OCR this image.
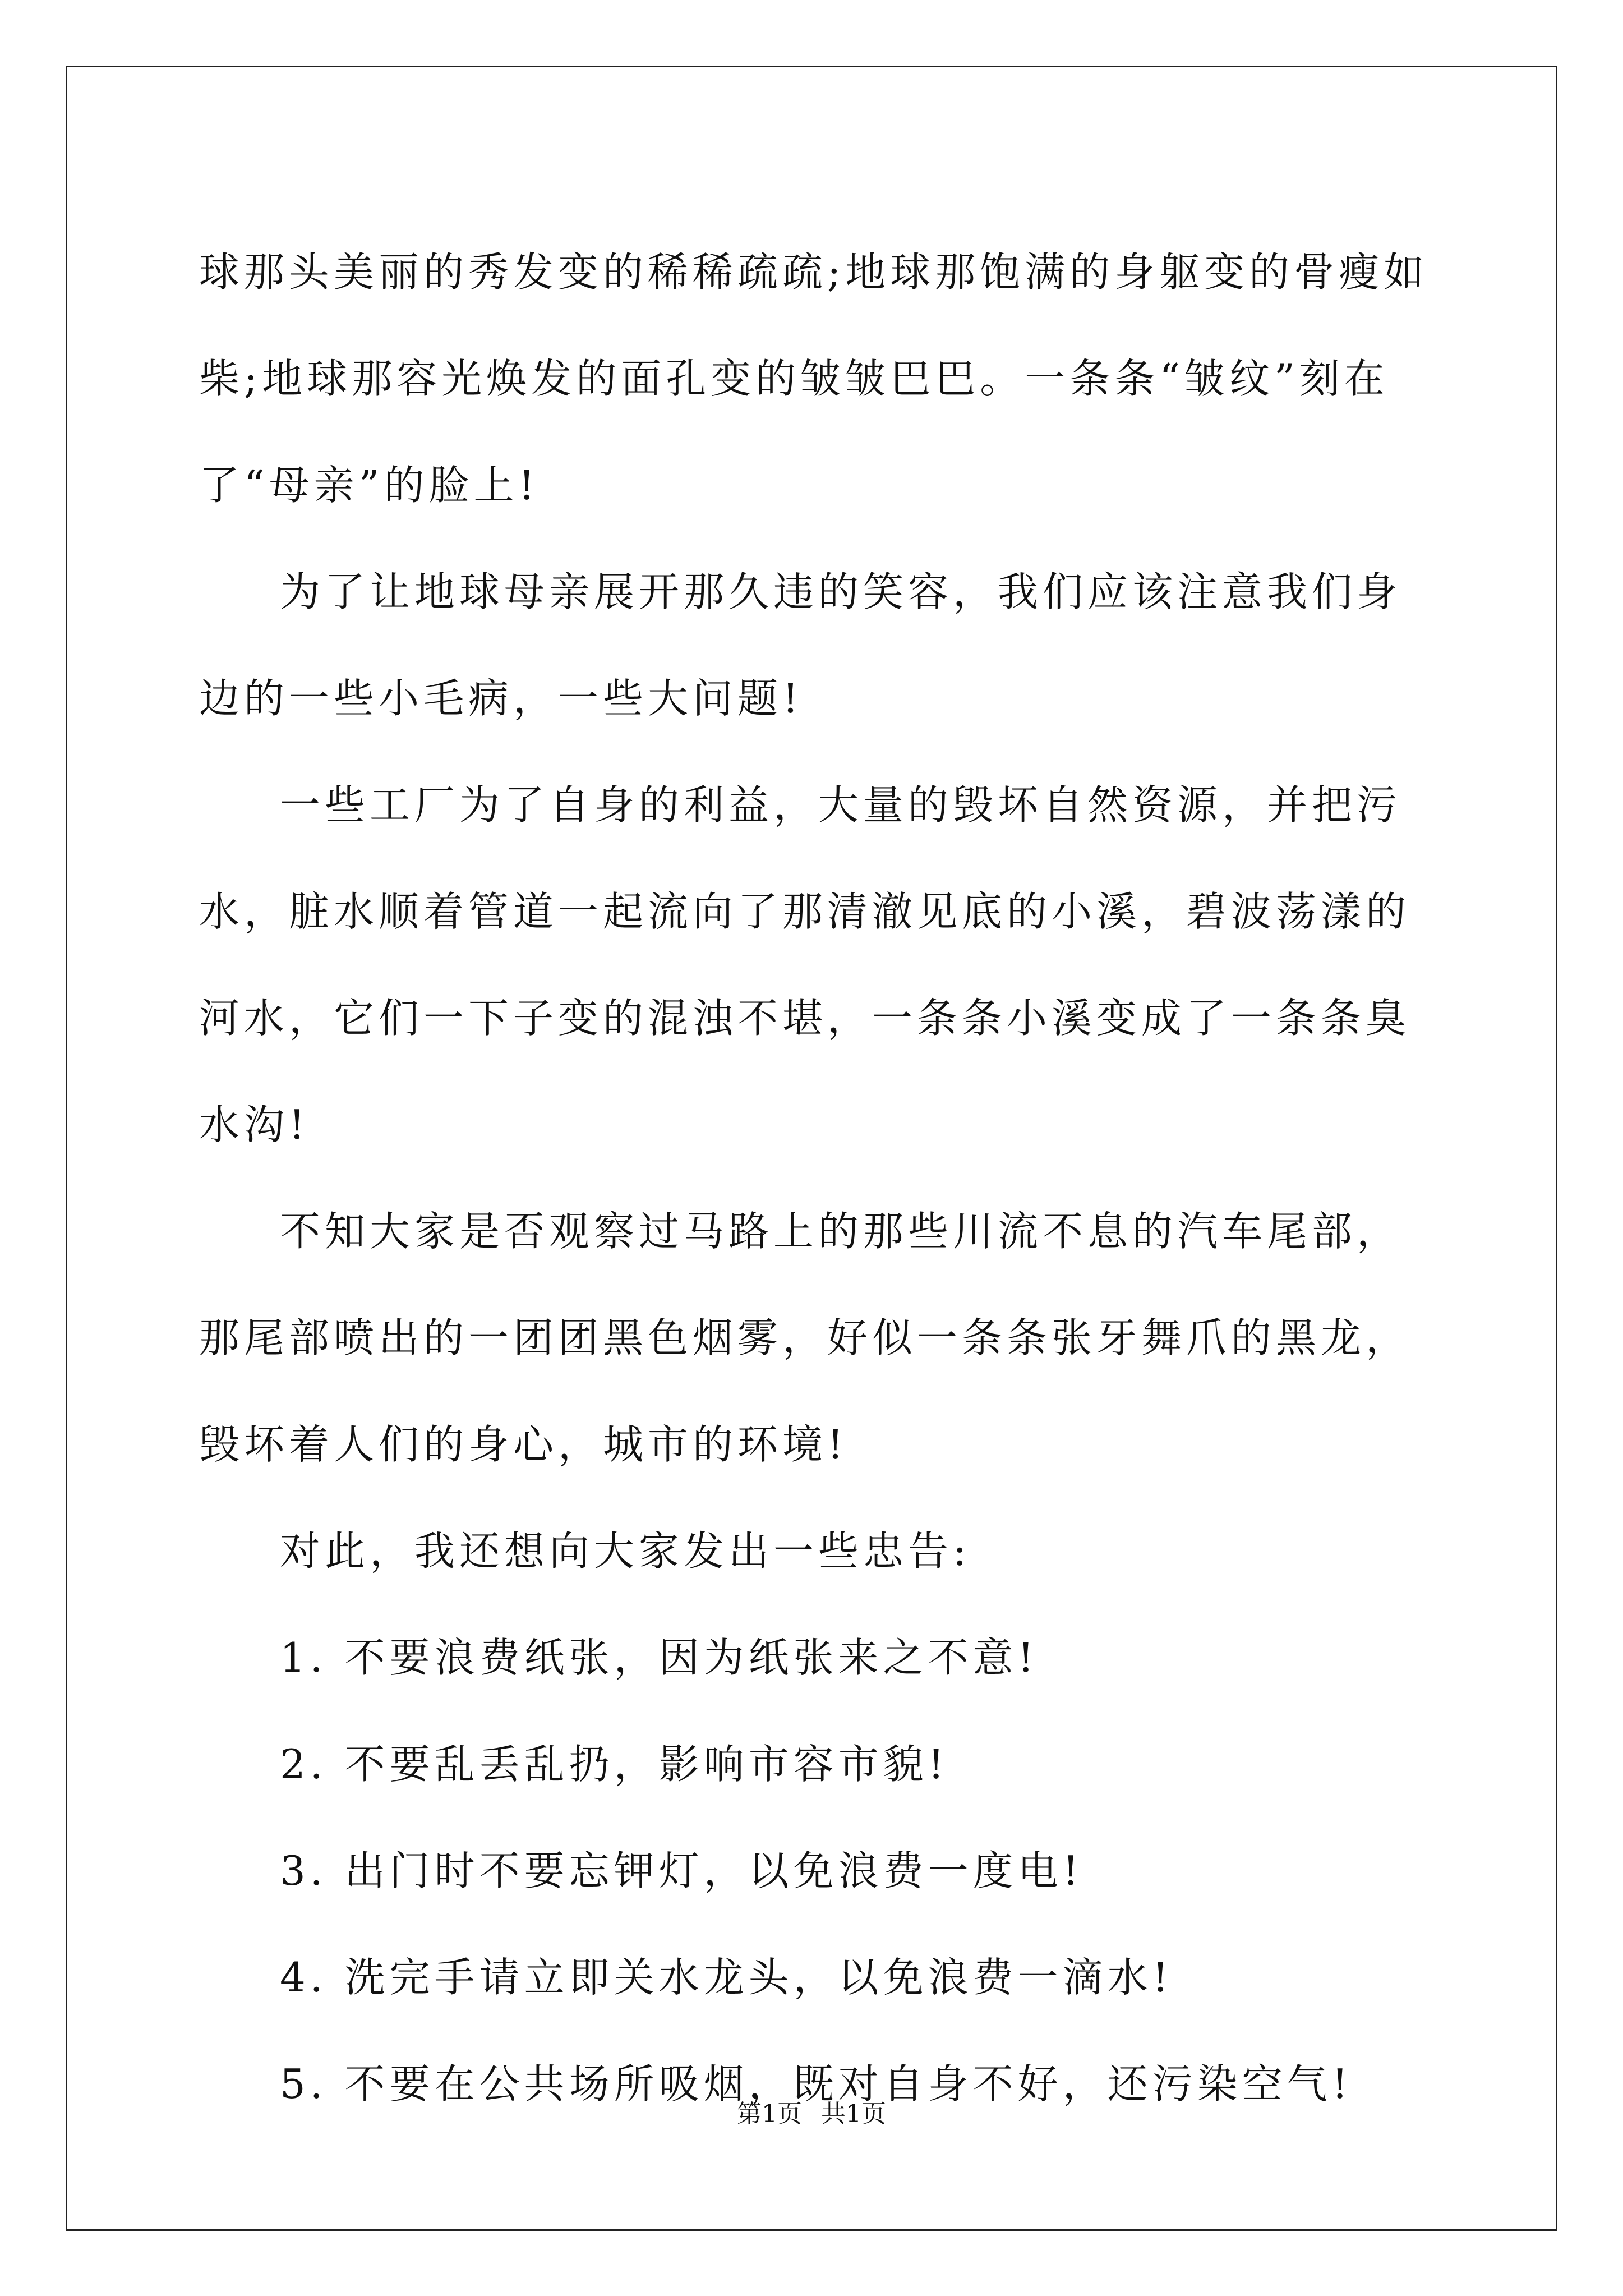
球那头美丽的秀发变的稀稀疏疏;地球那饱满的身躯变的骨瘦如柴;地球那容光焕发的面孔变的皱皱巴巴。一条条“皱纹”刻在了“母亲”的脸上!

为了让地球母亲展开那久违的笑容，我们应该注意我们身边的一些小毛病，一些大问题!

一些工厂为了自身的利益，大量的毁坏自然资源，并把污水，脏水顺着管道一起流向了那清澈见底的小溪，碧波荡漾的河水，它们一下子变的混浊不堪，一条条小溪变成了一条条臭水沟!

不知大家是否观察过马路上的那些川流不息的汽车尾部，那尾部喷出的一团团黑色烟雾，好似一条条张牙舞爪的黑龙，毁坏着人们的身心，城市的环境!

对此，我还想向大家发出一些忠告:

1. 不要浪费纸张，因为纸张来之不意!

2. 不要乱丢乱扔，影响市容市貌!

3. 出门时不要忘钾灯，以免浪费一度电!

4. 洗完手请立即关水龙头，以免浪费一滴水!

5. 不要在公共场所吸烟，既对自身不好，还污染空气!

第1页 共1页
